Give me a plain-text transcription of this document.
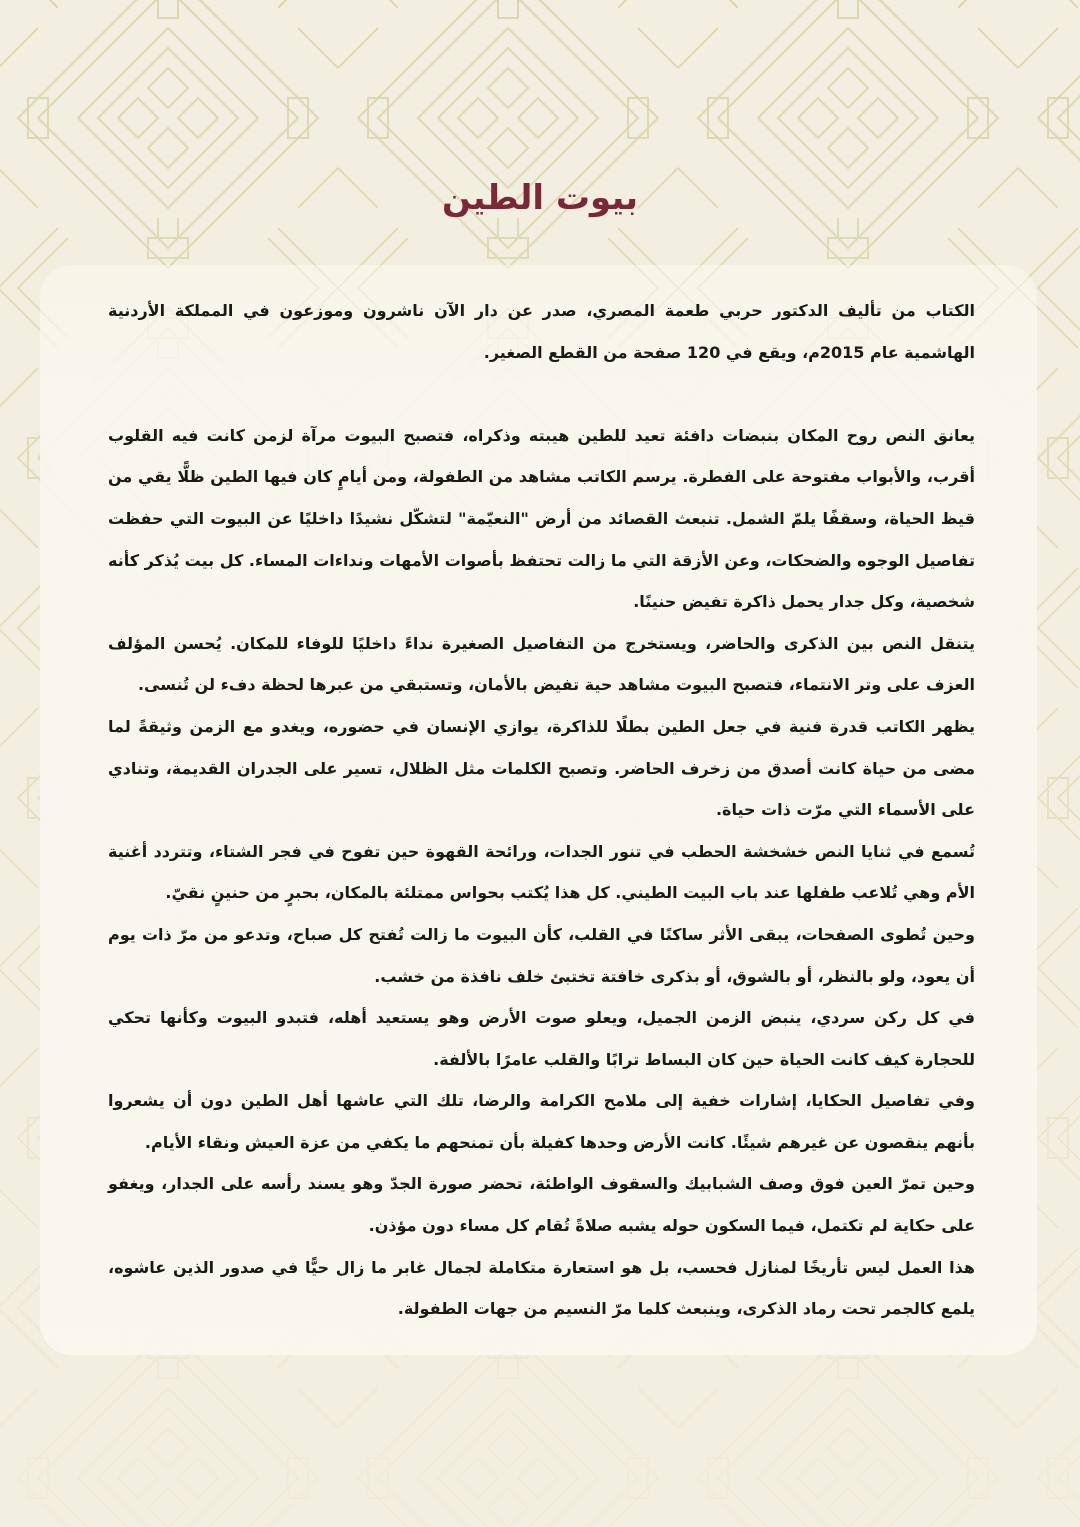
بيوت الطين

الكتاب من تأليف الدكتور حربي طعمة المصري، صدر عن دار الآن ناشرون وموزعون في المملكة الأردنية الهاشمية عام 2015م، ويقع في 120 صفحة من القطع الصغير.

يعانق النص روح المكان بنبضات دافئة تعيد للطين هيبته وذكراه، فتصبح البيوت مرآة لزمن كانت فيه القلوب أقرب، والأبواب مفتوحة على الفطرة. يرسم الكاتب مشاهد من الطفولة، ومن أيامٍ كان فيها الطين ظلًّا يقي من قيظ الحياة، وسقفًا يلمّ الشمل. تنبعث القصائد من أرض "النعيّمة" لتشكّل نشيدًا داخليًا عن البيوت التي حفظت تفاصيل الوجوه والضحكات، وعن الأزقة التي ما زالت تحتفظ بأصوات الأمهات ونداءات المساء. كل بيت يُذكر كأنه شخصية، وكل جدار يحمل ذاكرة تفيض حنينًا.

يتنقل النص بين الذكرى والحاضر، ويستخرج من التفاصيل الصغيرة نداءً داخليًا للوفاء للمكان. يُحسن المؤلف العزف على وتر الانتماء، فتصبح البيوت مشاهد حية تفيض بالأمان، وتستبقي من عبرها لحظة دفء لن تُنسى.

يظهر الكاتب قدرة فنية في جعل الطين بطلًا للذاكرة، يوازي الإنسان في حضوره، ويغدو مع الزمن وثيقةً لما مضى من حياة كانت أصدق من زخرف الحاضر. وتصبح الكلمات مثل الظلال، تسير على الجدران القديمة، وتنادي على الأسماء التي مرّت ذات حياة.

تُسمع في ثنايا النص خشخشة الحطب في تنور الجدات، ورائحة القهوة حين تفوح في فجر الشتاء، وتتردد أغنية الأم وهي تُلاعب طفلها عند باب البيت الطيني. كل هذا يُكتب بحواس ممتلئة بالمكان، بحبرٍ من حنينٍ نقيّ.

وحين تُطوى الصفحات، يبقى الأثر ساكنًا في القلب، كأن البيوت ما زالت تُفتح كل صباح، وتدعو من مرّ ذات يوم أن يعود، ولو بالنظر، أو بالشوق، أو بذكرى خافتة تختبئ خلف نافذة من خشب.

في كل ركن سردي، ينبض الزمن الجميل، ويعلو صوت الأرض وهو يستعيد أهله، فتبدو البيوت وكأنها تحكي للحجارة كيف كانت الحياة حين كان البساط ترابًا والقلب عامرًا بالألفة.

وفي تفاصيل الحكايا، إشارات خفية إلى ملامح الكرامة والرضا، تلك التي عاشها أهل الطين دون أن يشعروا بأنهم ينقصون عن غيرهم شيئًا. كانت الأرض وحدها كفيلة بأن تمنحهم ما يكفي من عزة العيش ونقاء الأيام.

وحين تمرّ العين فوق وصف الشبابيك والسقوف الواطئة، تحضر صورة الجدّ وهو يسند رأسه على الجدار، ويغفو على حكاية لم تكتمل، فيما السكون حوله يشبه صلاةً تُقام كل مساء دون مؤذن.

هذا العمل ليس تأريخًا لمنازل فحسب، بل هو استعارة متكاملة لجمال غابر ما زال حيًّا في صدور الذين عاشوه، يلمع كالجمر تحت رماد الذكرى، وينبعث كلما مرّ النسيم من جهات الطفولة.
